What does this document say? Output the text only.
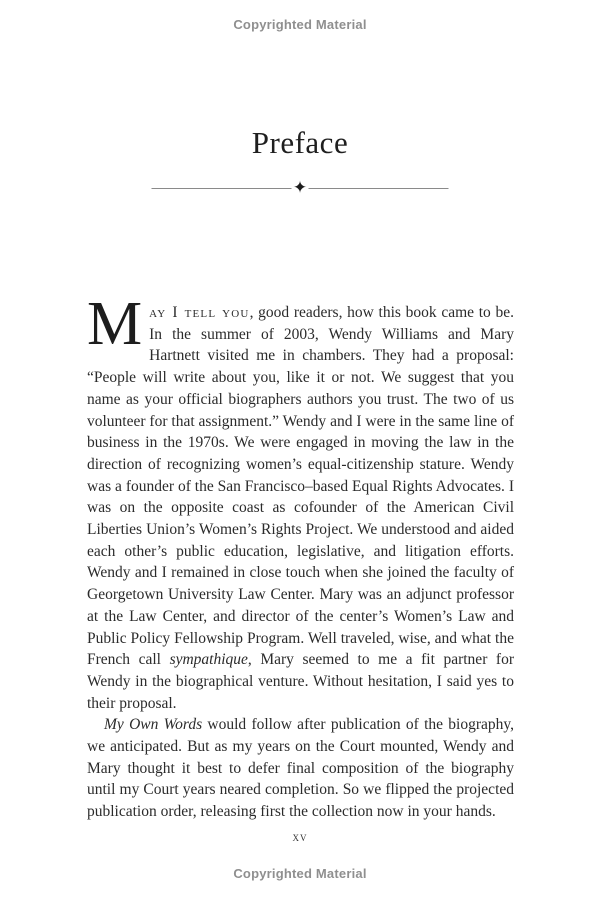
Copyrighted Material
Preface
✦

May I tell you, good readers, how this book came to be. In the summer of 2003, Wendy Williams and Mary Hartnett visited me in chambers. They had a proposal: “People will write about you, like it or not. We suggest that you name as your official biographers authors you trust. The two of us volunteer for that assignment.” Wendy and I were in the same line of business in the 1970s. We were engaged in moving the law in the direction of recognizing women’s equal-citizenship stature. Wendy was a founder of the San Francisco–based Equal Rights Advocates. I was on the opposite coast as cofounder of the American Civil Liberties Union’s Women’s Rights Project. We understood and aided each other’s public education, legislative, and litigation efforts. Wendy and I remained in close touch when she joined the faculty of Georgetown University Law Center. Mary was an adjunct professor at the Law Center, and director of the center’s Women’s Law and Public Policy Fellowship Program. Well traveled, wise, and what the French call sympathique, Mary seemed to me a fit partner for Wendy in the biographical venture. Without hesitation, I said yes to their proposal.

My Own Words would follow after publication of the biography, we anticipated. But as my years on the Court mounted, Wendy and Mary thought it best to defer final composition of the biography until my Court years neared completion. So we flipped the projected publication order, releasing first the collection now in your hands.

xv
Copyrighted Material
